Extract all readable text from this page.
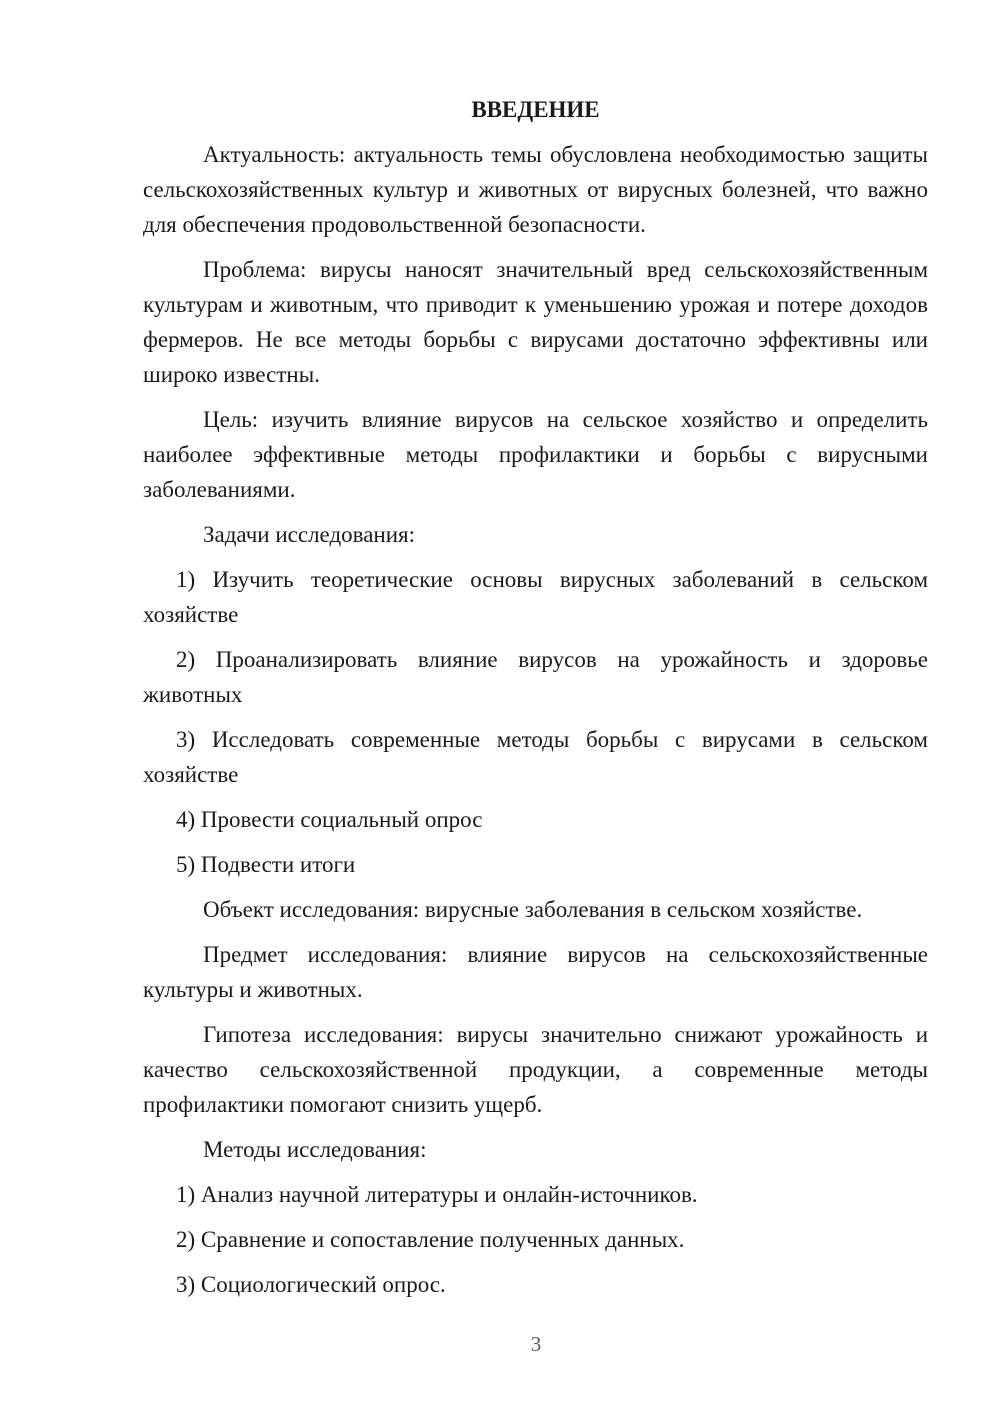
ВВЕДЕНИЕ

Актуальность: актуальность темы обусловлена необходимостью защиты сельскохозяйственных культур и животных от вирусных болезней, что важно для обеспечения продовольственной безопасности.

Проблема: вирусы наносят значительный вред сельскохозяйственным культурам и животным, что приводит к уменьшению урожая и потере доходов фермеров. Не все методы борьбы с вирусами достаточно эффективны или широко известны.

Цель: изучить влияние вирусов на сельское хозяйство и определить наиболее эффективные методы профилактики и борьбы с вирусными заболеваниями.

Задачи исследования:

1) Изучить теоретические основы вирусных заболеваний в сельском хозяйстве

2) Проанализировать влияние вирусов на урожайность и здоровье животных

3) Исследовать современные методы борьбы с вирусами в сельском хозяйстве

4) Провести социальный опрос

5) Подвести итоги

Объект исследования: вирусные заболевания в сельском хозяйстве.

Предмет исследования: влияние вирусов на сельскохозяйственные культуры и животных.

Гипотеза исследования: вирусы значительно снижают урожайность и качество сельскохозяйственной продукции, а современные методы профилактики помогают снизить ущерб.

Методы исследования:

1) Анализ научной литературы и онлайн-источников.

2) Сравнение и сопоставление полученных данных.

3) Социологический опрос.

3
